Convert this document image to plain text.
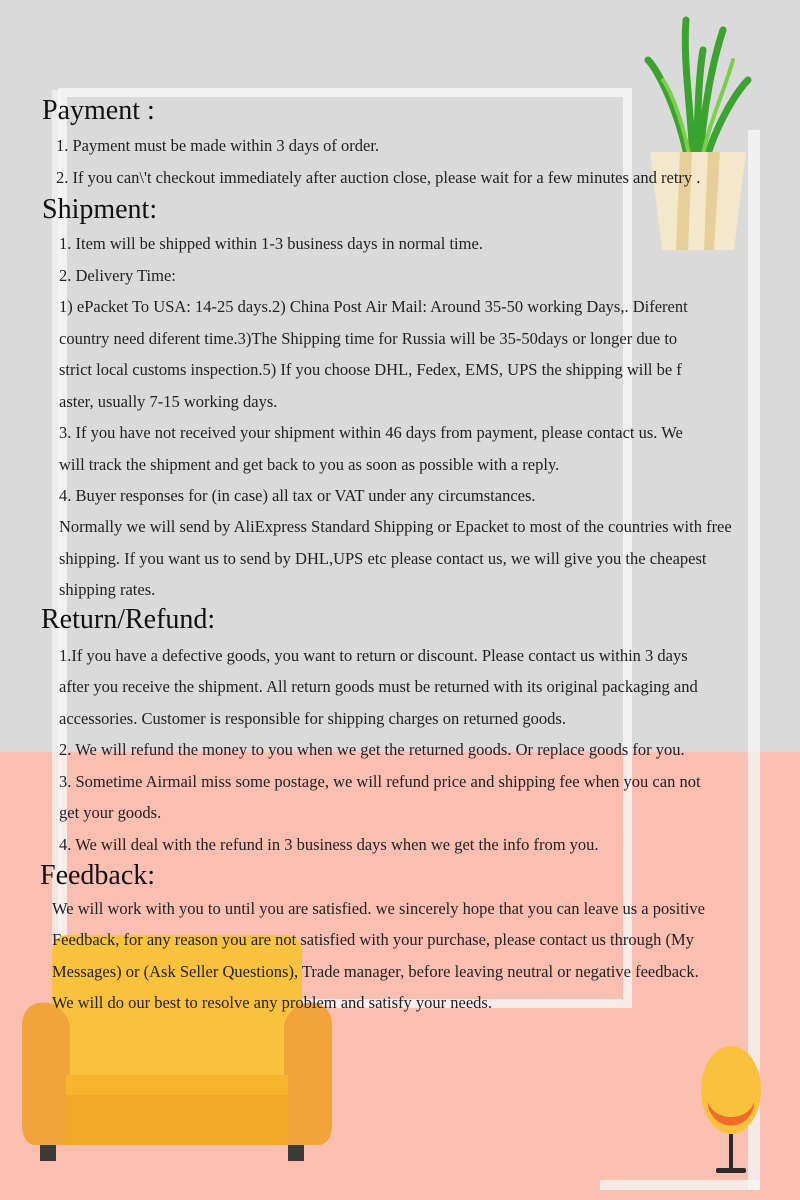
Payment :
1. Payment must be made within 3 days of order.
2. If you can\'t checkout immediately after auction close, please wait for a few minutes and retry .
Shipment:
1. Item will be shipped within 1-3 business days in normal time.
2. Delivery Time:
1) ePacket To USA: 14-25 days.2) China Post Air Mail: Around 35-50 working Days,. Diferent
country need diferent time.3)The Shipping time for Russia will be 35-50days or longer due to
strict local customs inspection.5) If you choose DHL, Fedex, EMS, UPS the shipping will be f
aster, usually 7-15 working days.
3. If you have not received your shipment within 46 days from payment, please contact us. We
will track the shipment and get back to you as soon as possible with a reply.
4. Buyer responses for (in case) all tax or VAT under any circumstances.
Normally we will send by AliExpress Standard Shipping or Epacket to most of the countries with free
shipping. If you want us to send by DHL,UPS etc please contact us, we will give you the cheapest
shipping rates.
Return/Refund:
1.If you have a defective goods, you want to return or discount. Please contact us within 3 days
after you receive the shipment. All return goods must be returned with its original packaging and
accessories. Customer is responsible for shipping charges on returned goods.
2. We will refund the money to you when we get the returned goods. Or replace goods for you.
3. Sometime Airmail miss some postage, we will refund price and shipping fee when you can not
get your goods.
4. We will deal with the refund in 3 business days when we get the info from you.
Feedback:
We will work with you to until you are satisfied. we sincerely hope that you can leave us a positive
Feedback, for any reason you are not satisfied with your purchase, please contact us through (My
Messages) or (Ask Seller Questions), Trade manager, before leaving neutral or negative feedback.
We will do our best to resolve any problem and satisfy your needs.
